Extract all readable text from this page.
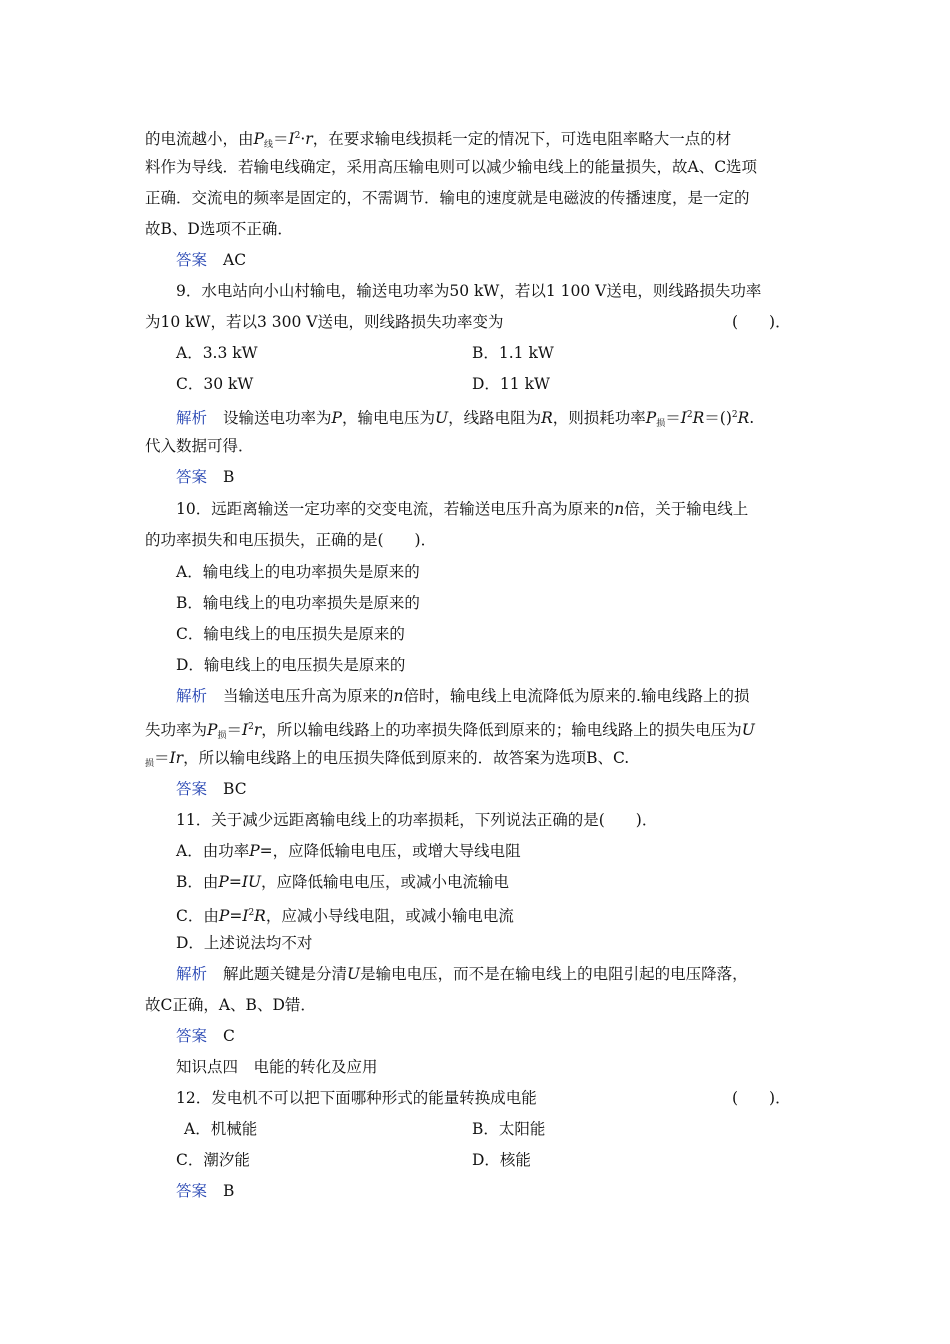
的电流越小，由$P_线=I^2\cdot r$，在要求输电线损耗一定的情况下，可选电阻率略大一点的材
料作为导线．若输电线确定，采用高压输电则可以减少输电线上的能量损失，故A、C选项
正确．交流电的频率是固定的，不需调节．输电的速度就是电磁波的传播速度，是一定的
故B、D选项不正确．
答案 AC
9．水电站向小山村输电，输送电功率为50 kW，若以1 100 V送电，则线路损失功率
为10 kW，若以3 300 V送电，则线路损失功率变为	(　　)．
A．3.3 kW	B．1.1 kW
C．30 kW	D．11 kW
解析 设输送电功率为P，输电电压为U，线路电阻为R，则损耗功率$P_损=I^2R=()^2R$.
代入数据可得．
答案 B
10．远距离输送一定功率的交变电流，若输送电压升高为原来的n倍，关于输电线上
的功率损失和电压损失，正确的是(　　)．
A．输电线上的电功率损失是原来的
B．输电线上的电功率损失是原来的
C．输电线上的电压损失是原来的
D．输电线上的电压损失是原来的
解析 当输送电压升高为原来的n倍时，输电线上电流降低为原来的.输电线路上的损
失功率为$P_损=I^2r$，所以输电线路上的功率损失降低到原来的；输电线路上的损失电压为U
$_损$＝Ir，所以输电线路上的电压损失降低到原来的．故答案为选项B、C.
答案 BC
11．关于减少远距离输电线上的功率损耗，下列说法正确的是(　　)．
A．由功率P=，应降低输电电压，或增大导线电阻
B．由P=IU，应降低输电电压，或减小电流输电
C．由$P=I^2R$，应减小导线电阻，或减小输电电流
D．上述说法均不对
解析 解此题关键是分清U是输电电压，而不是在输电线上的电阻引起的电压降落，
故C正确，A、B、D错．
答案 C
知识点四　电能的转化及应用
12．发电机不可以把下面哪种形式的能量转换成电能	(　　)．
A．机械能	B．太阳能
C．潮汐能	D．核能
答案 B
